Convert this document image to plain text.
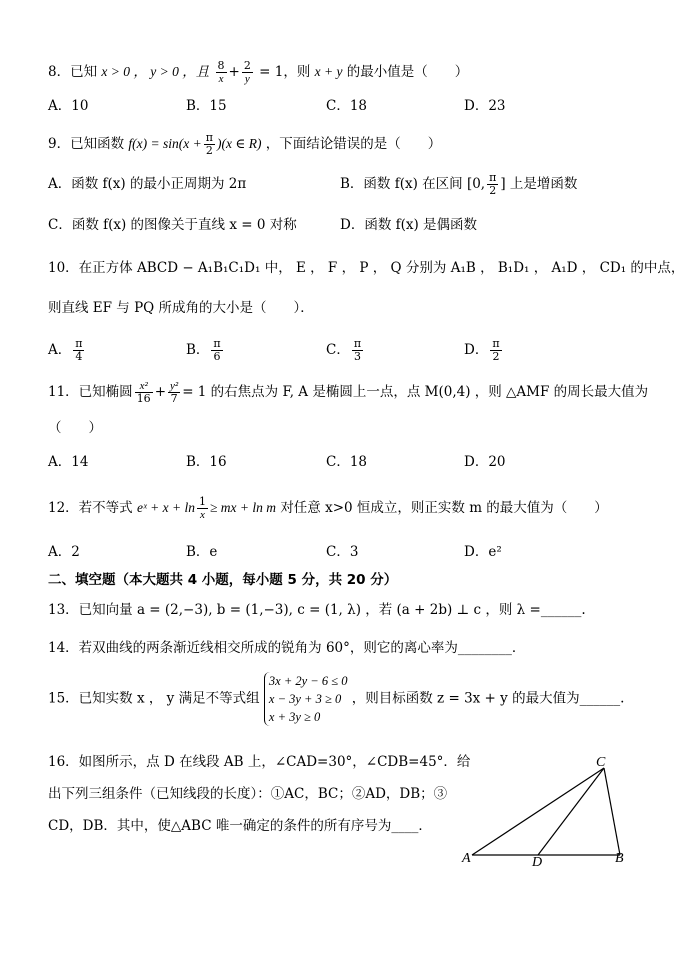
8．已知 x > 0 ， y > 0 ，且 $\frac{8}{x} + \frac{2}{y} = 1$，则 x + y 的最小值是（　　）
A．10	B．15	C．18	D．23
9．已知函数 $f(x) = \sin(x + \frac{\pi}{2} )(x$ ∈ R) ，下面结论错误的是（　　）
A．函数 f(x) 的最小正周期为 2π	B．函数 f(x) 在区间 [0, $\frac{\pi}{2}$ ] 上是增函数
C．函数 f(x) 的图像关于直线 x = 0 对称	D．函数 f(x) 是偶函数
10．在正方体 ABCD − A₁B₁C₁D₁ 中， E ， F ， P ， Q 分别为 A₁B ， B₁D₁ ， A₁D ， CD₁ 的中点，
则直线 EF 与 PQ 所成角的大小是（　　）．
A． $\frac{\pi}{4}$	B． $\frac{\pi}{6}$	C． $\frac{\pi}{3}$	D． $\frac{\pi}{2}$
11．已知椭圆 $\frac{\text{x²}}{16} + \frac{\text{y²}}{7} = 1$ 的右焦点为 F, A 是椭圆上一点，点 M(0,4) ，则 △AMF 的周长最大值为
（　　）
A．14	B．16	C．18	D．20
12．若不等式 eˣ + $x + \ln \frac{1}{x}$ ≥ mx + ln m 对任意 x>0 恒成立，则正实数 m 的最大值为（　　）
A．2	B．e	C．3	D．e²
二、填空题（本大题共 4 小题，每小题 5 分，共 20 分）
13．已知向量 a = (2,−3), b = (1,−3), c = (1, λ) ，若 (a + 2b) ⊥ c ，则 λ =______.
14．若双曲线的两条渐近线相交所成的锐角为 60°，则它的离心率为________．
15．已知实数 x ， y 满足不等式组
3x + 2y − 6 ≤ 0
x − 3y + 3 ≥ 0
x + 3y ≥ 0
，则目标函数 z = 3x + y 的最大值为______.
16．如图所示，点 D 在线段 AB 上，∠CAD=30°，∠CDB=45°．给
出下列三组条件（已知线段的长度）：①AC，BC；②AD，DB；③
CD，DB．其中，使△ABC 唯一确定的条件的所有序号为____．
A	D	B
C
